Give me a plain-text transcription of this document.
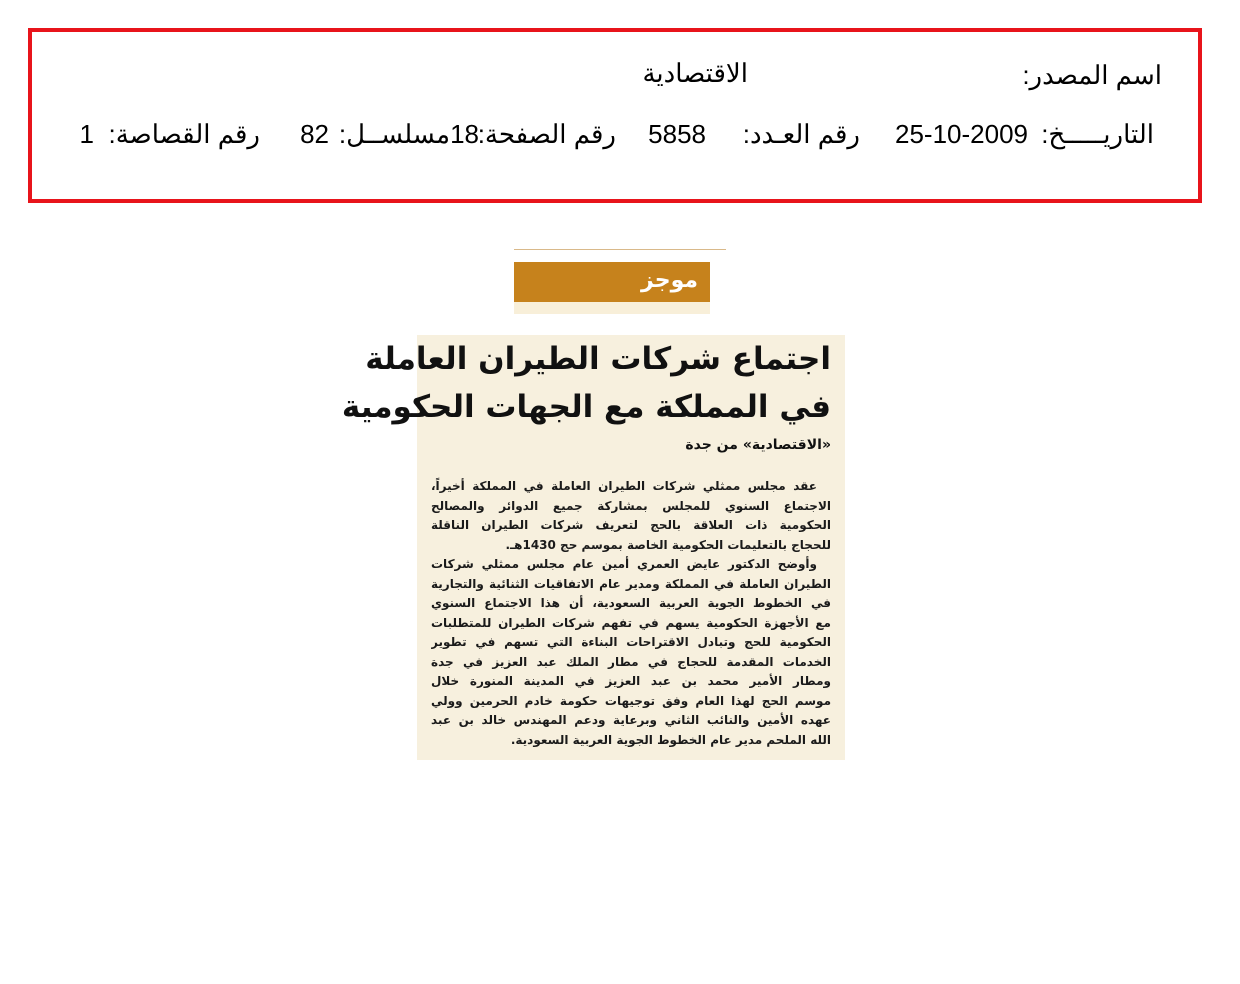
اسم المصدر:
الاقتصادية
التاريـــــخ:
25-10-2009
رقم العـدد:
5858
رقم الصفحة:
18
مسلســل:
82
رقم القصاصة:
1
موجز
اجتماع شركات الطيران العاملة
في المملكة مع الجهات الحكومية
«الاقتصادية» من جدة
عقد مجلس ممثلي شركات الطيران العاملة في المملكة أخيراً،
الاجتماع السنوي للمجلس بمشاركة جميع الدوائر والمصالح
الحكومية ذات العلاقة بالحج لتعريف شركات الطيران الناقلة
للحجاج بالتعليمات الحكومية الخاصة بموسم حج 1430هـ.
وأوضح الدكتور عايض العمري أمين عام مجلس ممثلي شركات
الطيران العاملة في المملكة ومدير عام الاتفاقيات الثنائية والتجارية
في الخطوط الجوية العربية السعودية، أن هذا الاجتماع السنوي
مع الأجهزة الحكومية يسهم في تفهم شركات الطيران للمتطلبات
الحكومية للحج وتبادل الاقتراحات البناءة التي تسهم في تطوير
الخدمات المقدمة للحجاج في مطار الملك عبد العزيز في جدة
ومطار الأمير محمد بن عبد العزيز في المدينة المنورة خلال
موسم الحج لهذا العام وفق توجيهات حكومة خادم الحرمين وولي
عهده الأمين والنائب الثاني وبرعاية ودعم المهندس خالد بن عبد
الله الملحم مدير عام الخطوط الجوية العربية السعودية.
